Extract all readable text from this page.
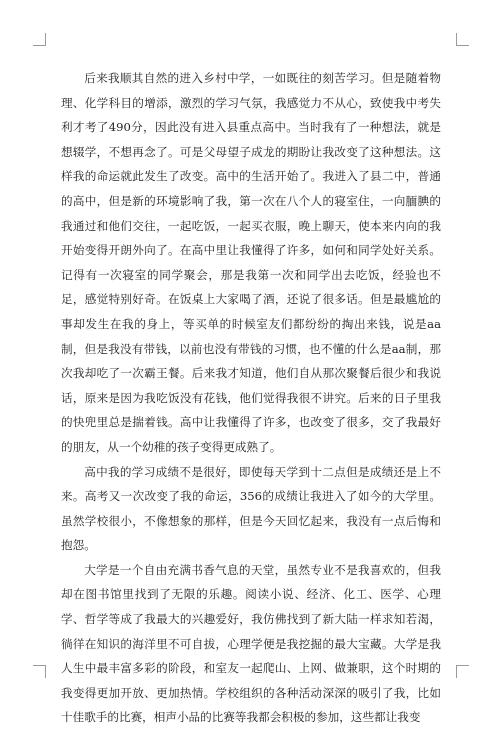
后来我顺其自然的进入乡村中学，一如既往的刻苦学习。但是随着物理、化学科目的增添，激烈的学习气氛，我感觉力不从心，致使我中考失利才考了490分，因此没有进入县重点高中。当时我有了一种想法，就是想辍学，不想再念了。可是父母望子成龙的期盼让我改变了这种想法。这样我的命运就此发生了改变。高中的生活开始了。我进入了县二中，普通的高中，但是新的环境影响了我，第一次在八个人的寝室住，一向腼腆的我通过和他们交往，一起吃饭，一起买衣服，晚上聊天，使本来内向的我开始变得开朗外向了。在高中里让我懂得了许多，如何和同学处好关系。记得有一次寝室的同学聚会，那是我第一次和同学出去吃饭，经验也不足，感觉特别好奇。在饭桌上大家喝了酒，还说了很多话。但是最尴尬的事却发生在我的身上，等买单的时候室友们都纷纷的掏出来钱，说是aa制，但是我没有带钱，以前也没有带钱的习惯，也不懂的什么是aa制，那次我却吃了一次霸王餐。后来我才知道，他们自从那次聚餐后很少和我说话，原来是因为我吃饭没有花钱，他们觉得我很不讲究。后来的日子里我的快兜里总是揣着钱。高中让我懂得了许多，也改变了很多，交了我最好的朋友，从一个幼稚的孩子变得更成熟了。

高中我的学习成绩不是很好，即使每天学到十二点但是成绩还是上不来。高考又一次改变了我的命运，356的成绩让我进入了如今的大学里。虽然学校很小，不像想象的那样，但是今天回忆起来，我没有一点后悔和抱怨。

大学是一个自由充满书香气息的天堂，虽然专业不是我喜欢的，但我却在图书馆里找到了无限的乐趣。阅读小说、经济、化工、医学、心理学、哲学等成了我最大的兴趣爱好，我仿佛找到了新大陆一样求知若渴，徜徉在知识的海洋里不可自拔，心理学便是我挖掘的最大宝藏。大学是我人生中最丰富多彩的阶段，和室友一起爬山、上网、做兼职，这个时期的我变得更加开放、更加热情。学校组织的各种活动深深的吸引了我，比如十佳歌手的比赛，相声小品的比赛等我都会积极的参加，这些都让我变
